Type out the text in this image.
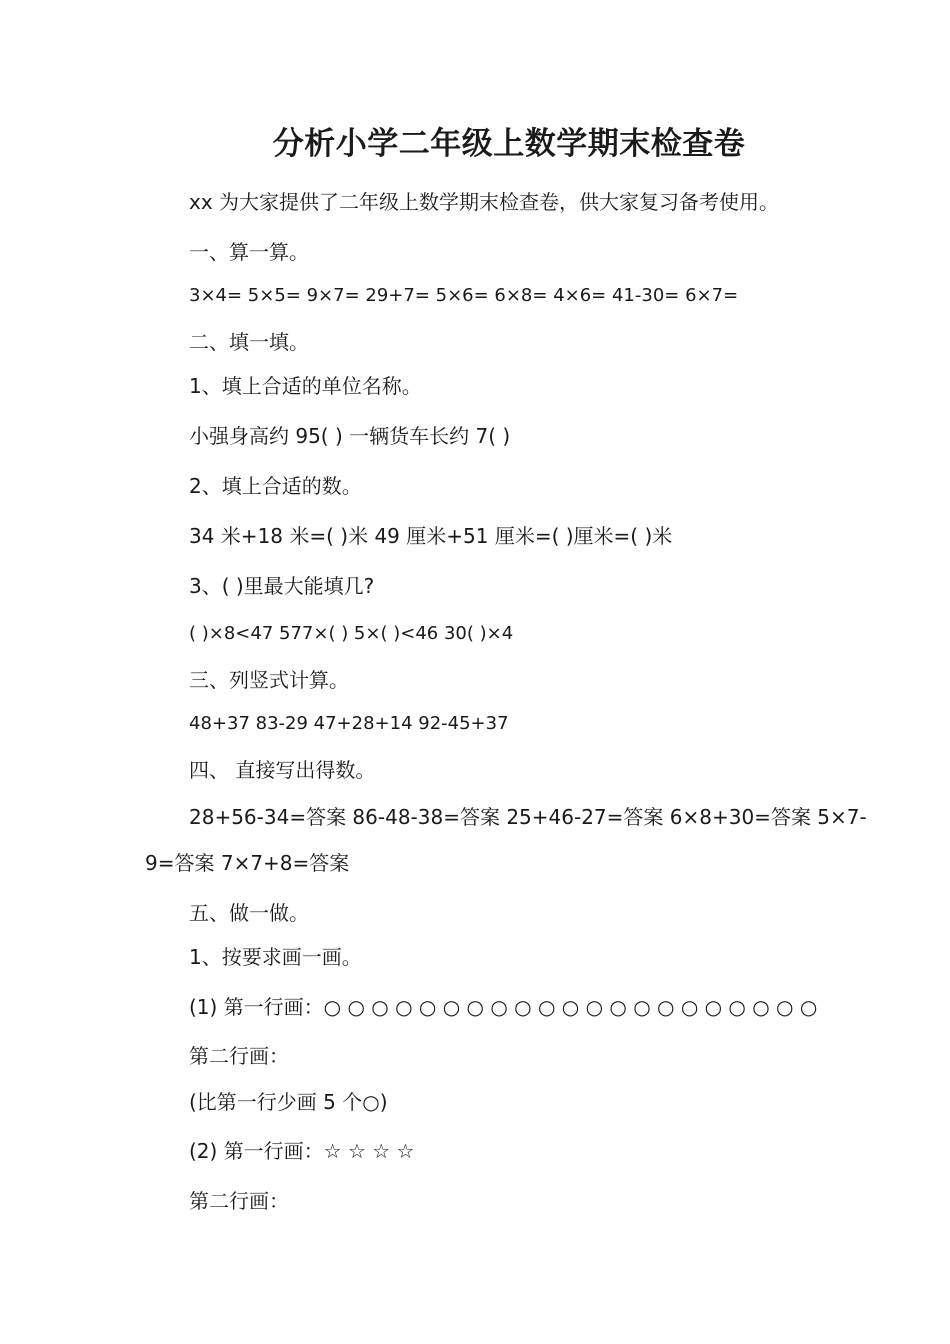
分析小学二年级上数学期末检查卷
xx 为大家提供了二年级上数学期末检查卷，供大家复习备考使用。
一、算一算。
3×4= 5×5= 9×7= 29+7= 5×6= 6×8= 4×6= 41-30= 6×7=
二、填一填。
1、填上合适的单位名称。
小强身高约 95( ) 一辆货车长约 7( )
2、填上合适的数。
34 米+18 米=( )米 49 厘米+51 厘米=( )厘米=( )米
3、( )里最大能填几?
( )×8<47 577×( ) 5×( )<46 30( )×4
三、列竖式计算。
48+37 83-29 47+28+14 92-45+37
四、 直接写出得数。
28+56-34=答案 86-48-38=答案 25+46-27=答案 6×8+30=答案 5×7-
9=答案 7×7+8=答案
五、做一做。
1、按要求画一画。
(1) 第一行画：○ ○ ○ ○ ○ ○ ○ ○ ○ ○ ○ ○ ○ ○ ○ ○ ○ ○ ○ ○ ○
第二行画：
(比第一行少画 5 个○)
(2) 第一行画：☆ ☆ ☆ ☆
第二行画：
